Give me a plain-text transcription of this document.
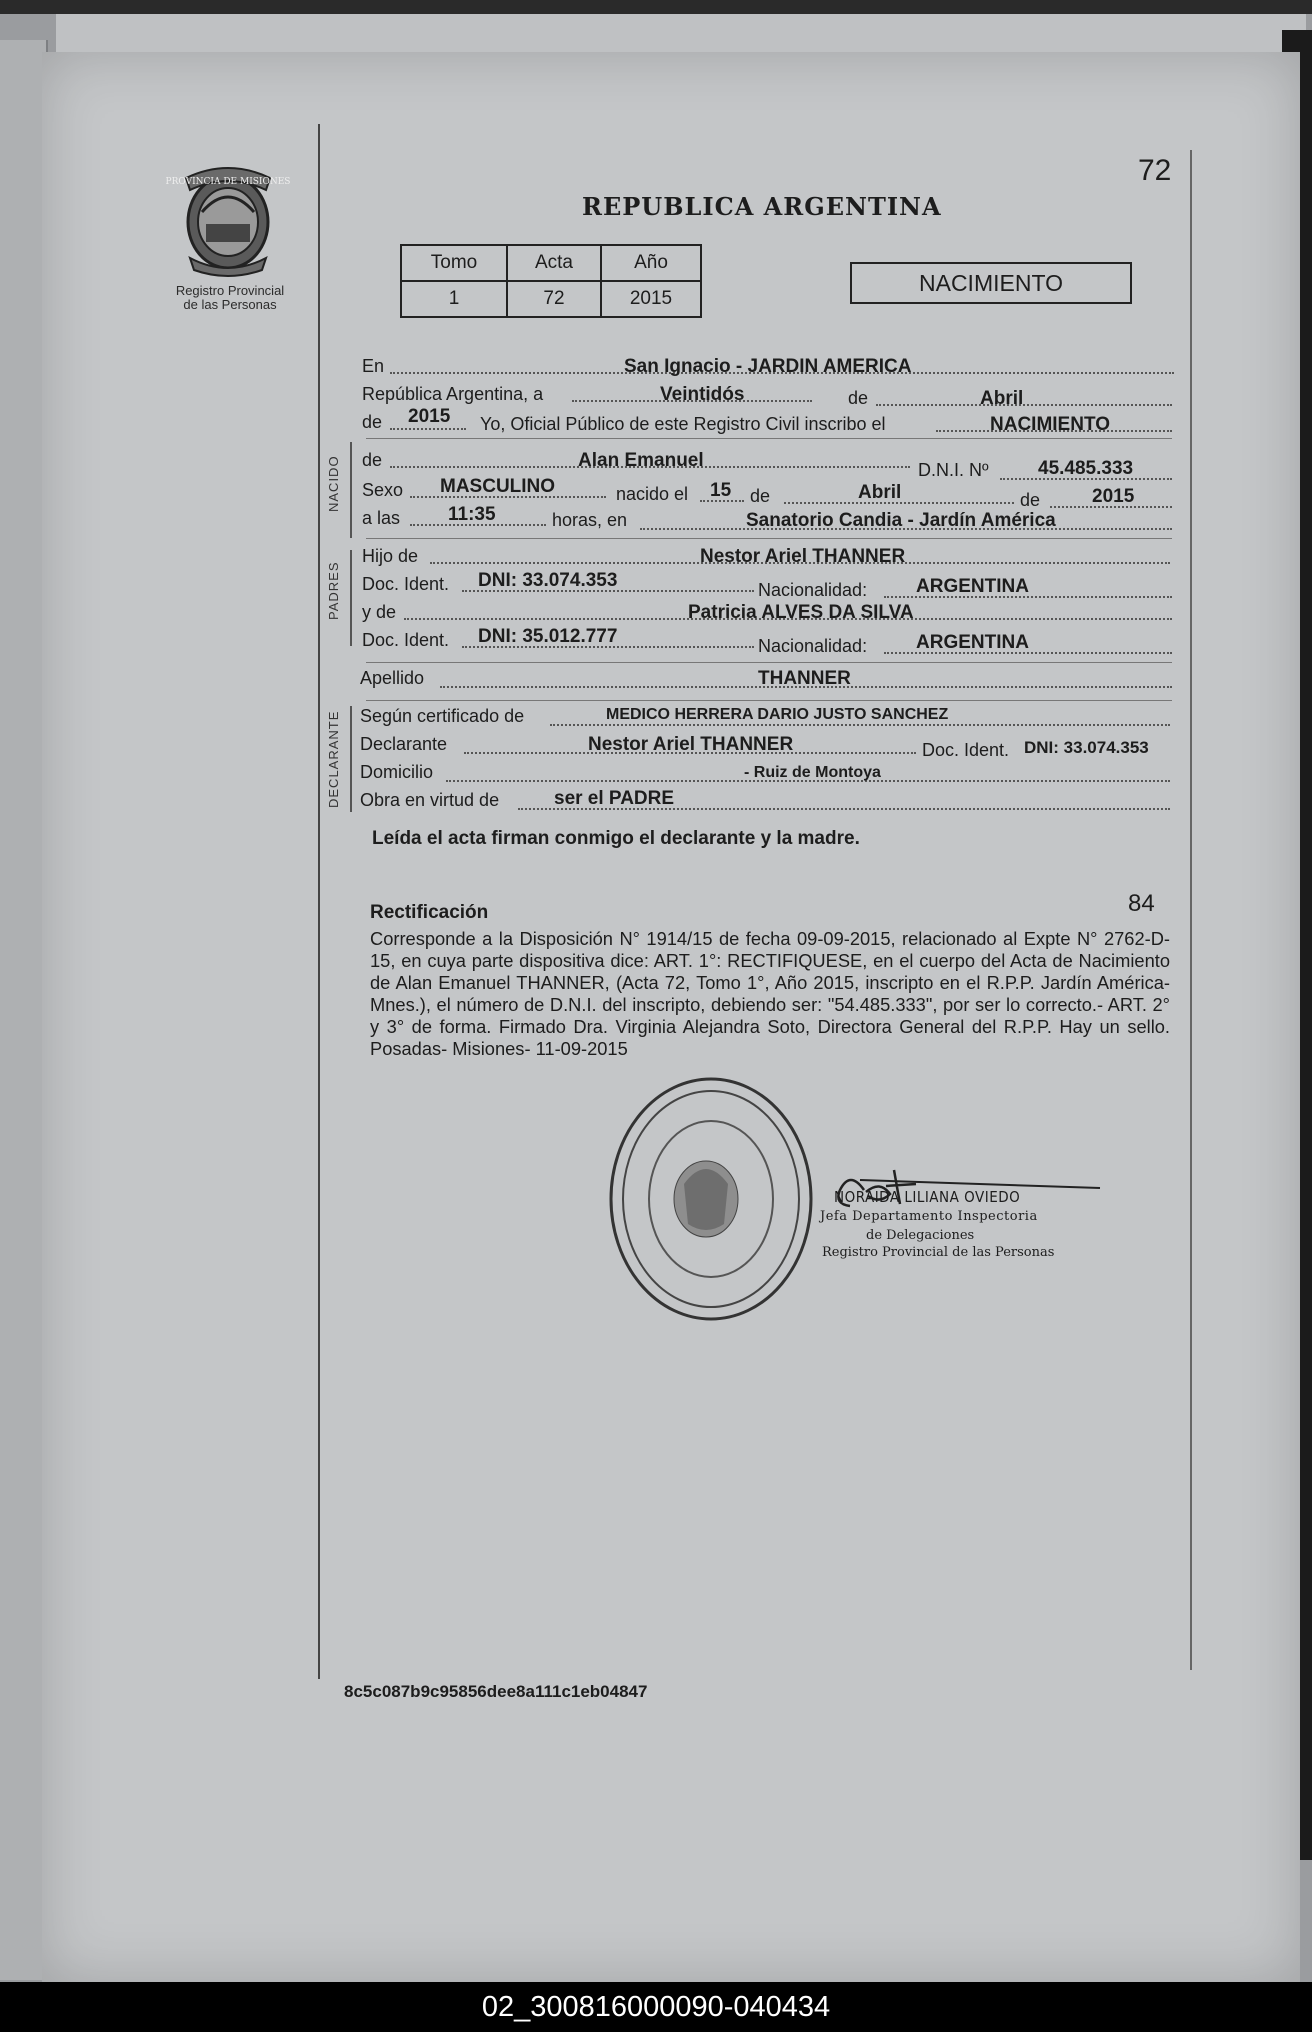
72
REPUBLICA ARGENTINA
PROVINCIA DE MISIONES
Registro Provincial
de las Personas
Tomo	Acta	Año
1	72	2015
NACIMIENTO
En	San Ignacio - JARDIN AMERICA
República Argentina, a	Veintidós	de	Abril
de 2015 Yo, Oficial Público de este Registro Civil inscribo el	NACIMIENTO
NACIDO de	Alan Emanuel	D.N.I. Nº	45.485.333
Sexo MASCULINO	nacido el 15 de	Abril	de	2015
a las	11:35	horas, en	Sanatorio Candia - Jardín América
PADRES
Hijo de	Nestor Ariel THANNER
Doc. Ident. DNI: 33.074.353	Nacionalidad:	ARGENTINA
y de	Patricia ALVES DA SILVA
Doc. Ident. DNI: 35.012.777	Nacionalidad:	ARGENTINA
Apellido	THANNER
DECLARANTE Según certificado de	MEDICO HERRERA DARIO JUSTO SANCHEZ
Declarante	Nestor Ariel THANNER	Doc. Ident. DNI: 33.074.353
Domicilio	- Ruiz de Montoya
Obra en virtud de	ser el PADRE
Leída el acta firman conmigo el declarante y la madre.
Rectificación	84
Corresponde a la Disposición N° 1914/15 de fecha 09-09-2015, relacionado al Expte N° 2762-D-15, en cuya parte dispositiva dice: ART. 1°: RECTIFIQUESE, en el cuerpo del Acta de Nacimiento de Alan Emanuel THANNER, (Acta 72, Tomo 1°, Año 2015, inscripto en el R.P.P. Jardín América-Mnes.), el número de D.N.I. del inscripto, debiendo ser: "54.485.333", por ser lo correcto.- ART. 2° y 3° de forma. Firmado Dra. Virginia Alejandra Soto, Directora General del R.P.P. Hay un sello. Posadas- Misiones- 11-09-2015
NORAIDA LILIANA OVIEDO
Jefa Departamento Inspectoria
de Delegaciones
Registro Provincial de las Personas
8c5c087b9c95856dee8a111c1eb04847
02_300816000090-040434
